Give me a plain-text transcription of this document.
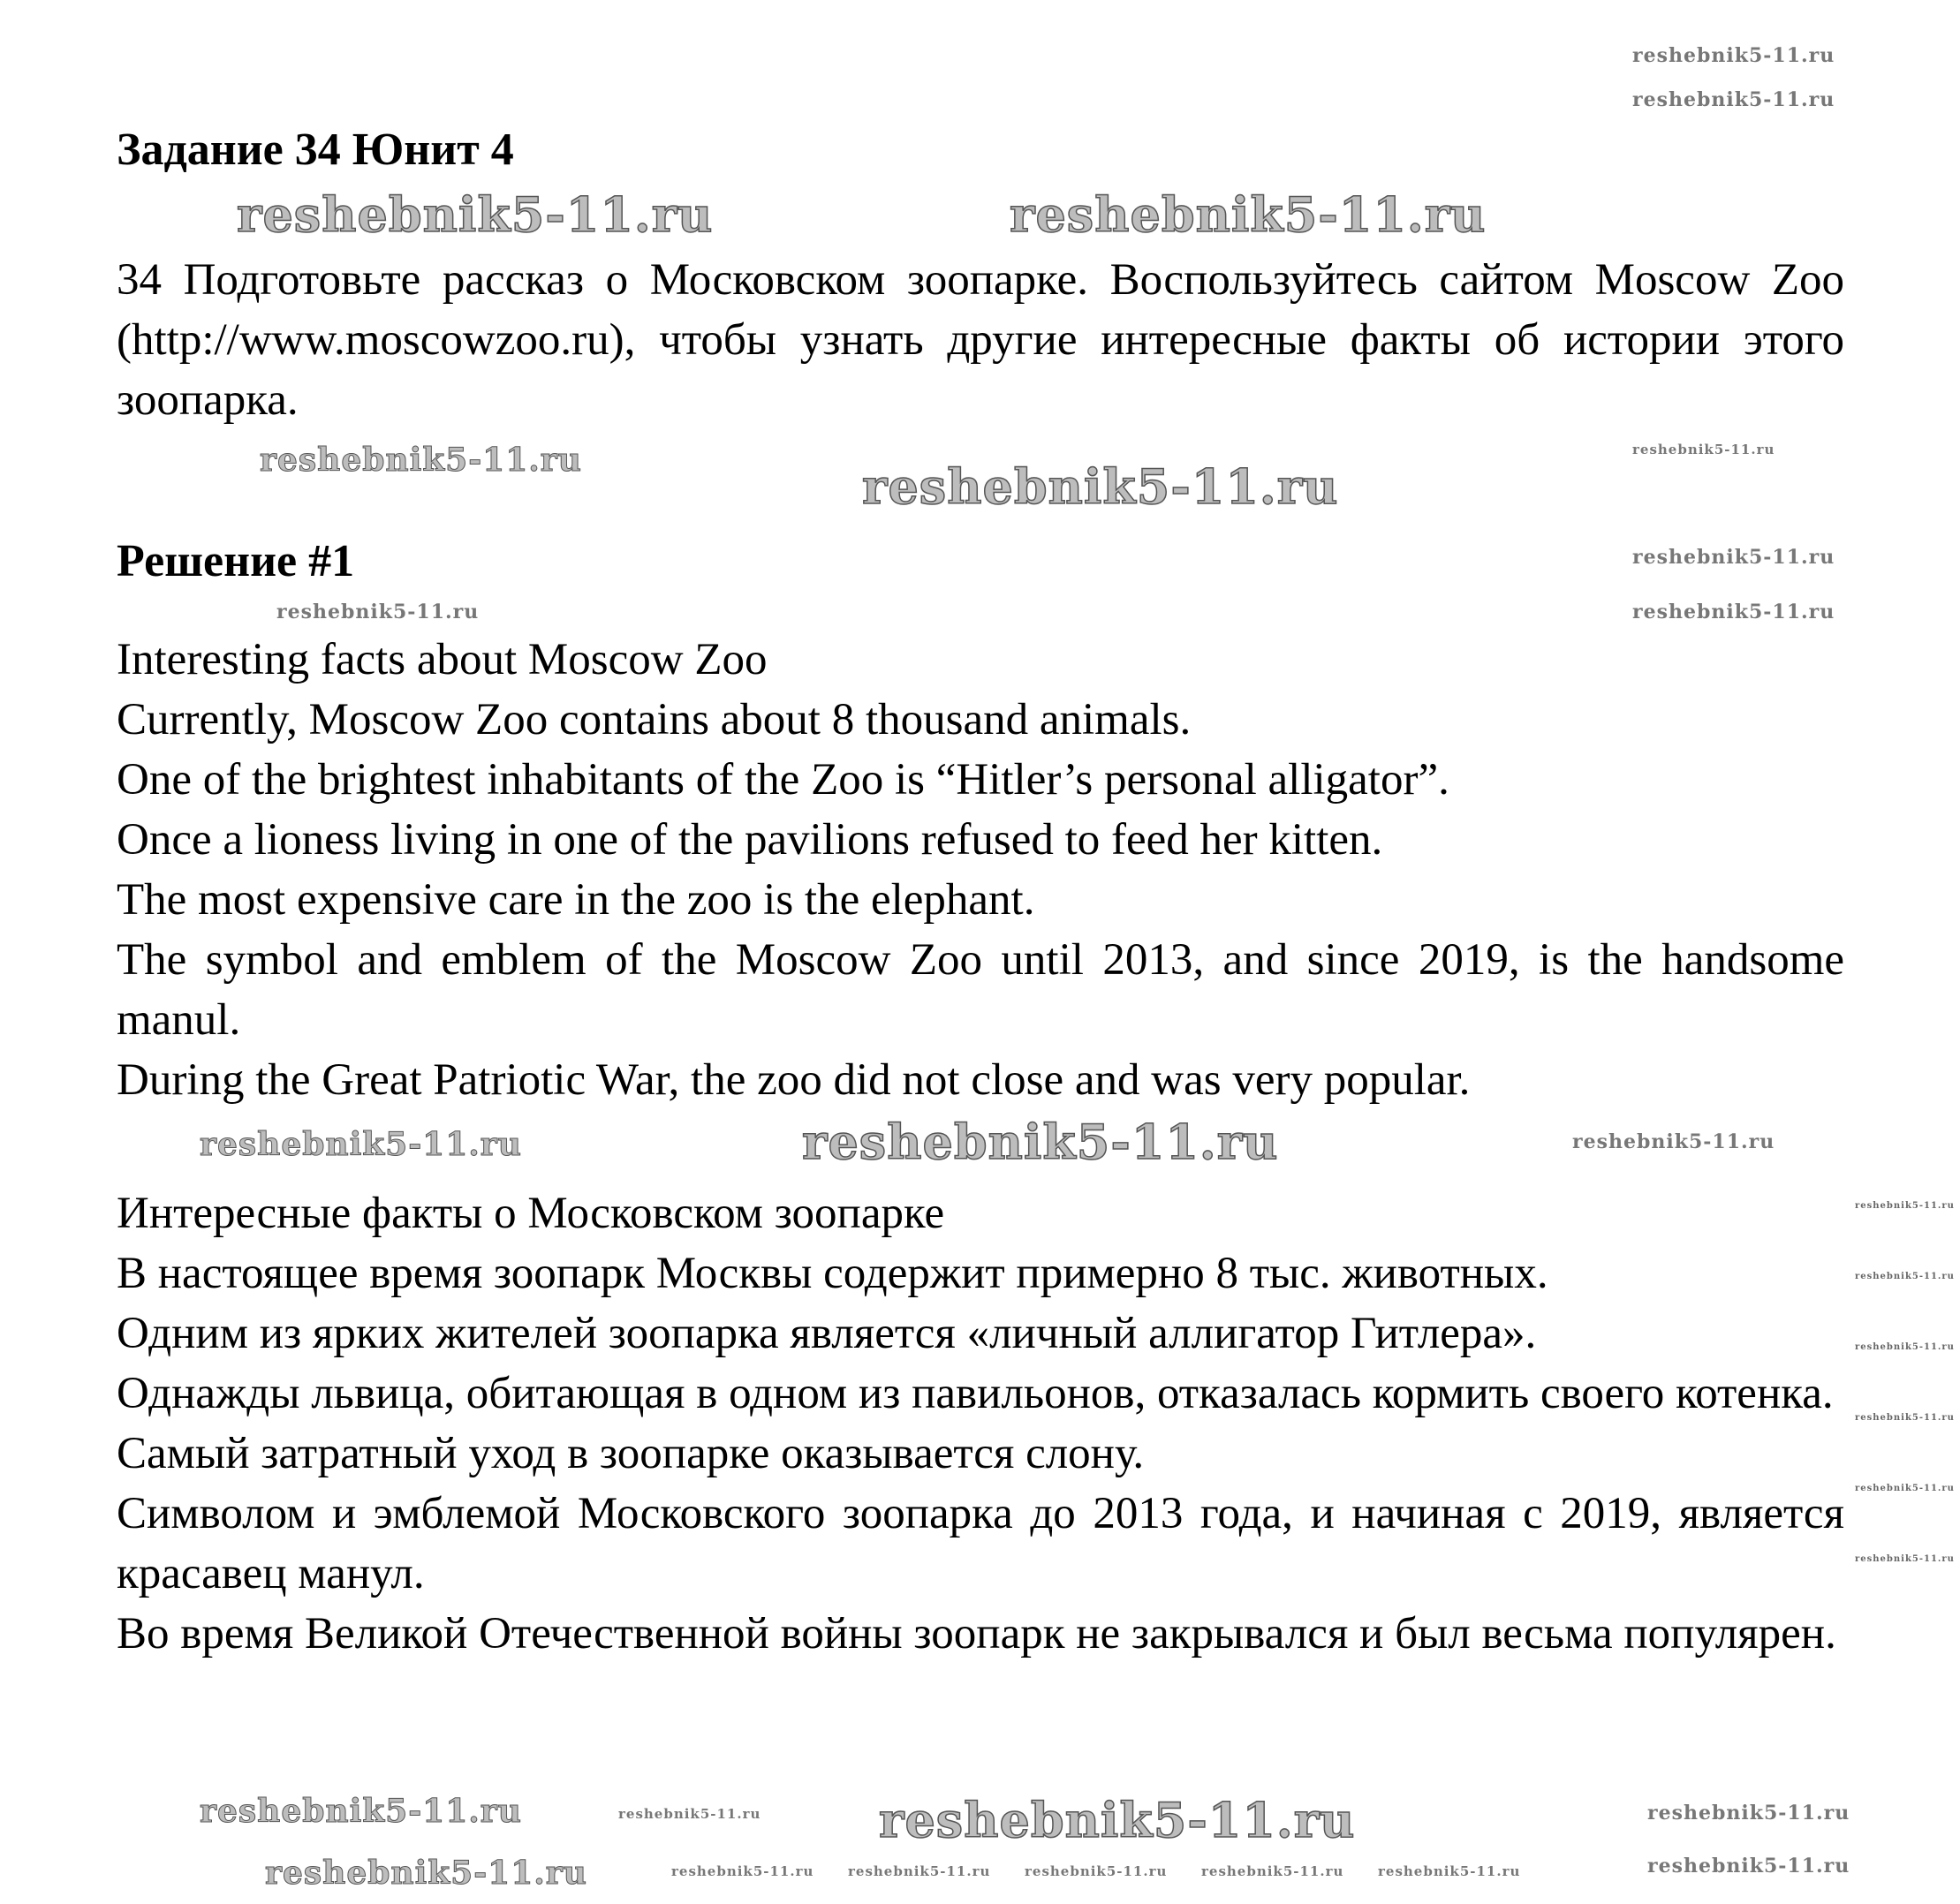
Задание 34 Юнит 4

34 Подготовьте рассказ о Московском зоопарке. Воспользуйтесь сайтом Moscow Zoo (http://www.moscowzoo.ru), чтобы узнать другие интересные факты об истории этого зоопарка.

Решение #1

Interesting facts about Moscow Zoo

Currently, Moscow Zoo contains about 8 thousand animals.

One of the brightest inhabitants of the Zoo is “Hitler’s personal alligator”.

Once a lioness living in one of the pavilions refused to feed her kitten.

The most expensive care in the zoo is the elephant.

The symbol and emblem of the Moscow Zoo until 2013, and since 2019, is the handsome manul.

During the Great Patriotic War, the zoo did not close and was very popular.

Интересные факты о Московском зоопарке

В настоящее время зоопарк Москвы содержит примерно 8 тыс. животных.

Одним из ярких жителей зоопарка является «личный аллигатор Гитлера».

Однажды львица, обитающая в одном из павильонов, отказалась кормить своего котенка.

Самый затратный уход в зоопарке оказывается слону.

Символом и эмблемой Московского зоопарка до 2013 года, и начиная с 2019, является красавец манул.

Во время Великой Отечественной войны зоопарк не закрывался и был весьма популярен.

reshebnik5-11.ru
reshebnik5-11.ru
reshebnik5-11.ru	reshebnik5-11.ru
reshebnik5-11.ru	reshebnik5-11.ru
reshebnik5-11.ru
reshebnik5-11.ru
reshebnik5-11.ru	reshebnik5-11.ru
reshebnik5-11.ru	reshebnik5-11.ru
reshebnik5-11.ru
reshebnik5-11.ru
reshebnik5-11.ru
reshebnik5-11.ru
reshebnik5-11.ru
reshebnik5-11.ru
reshebnik5-11.ru
reshebnik5-11.ru	reshebnik5-11.ru reshebnik5-11.ru	reshebnik5-11.ru
reshebnik5-11.ru	reshebnik5-11.ru	reshebnik5-11.ru	reshebnik5-11.ru	reshebnik5-11.ru	reshebnik5-11.ru	reshebnik5-11.ru
